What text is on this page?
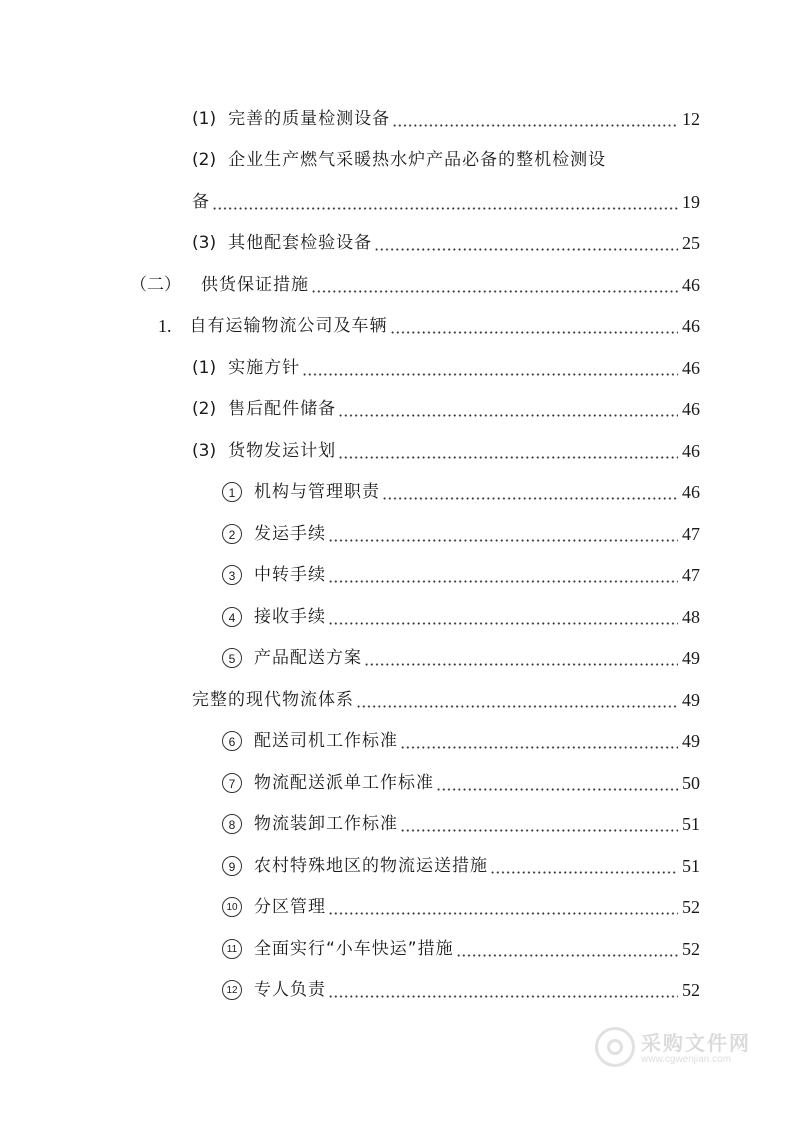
(1) 完善的质量检测设备	12
(2) 企业生产燃气采暖热水炉产品必备的整机检测设
备	19
(3) 其他配套检验设备	25
（二） 供货保证措施	46
1. 自有运输物流公司及车辆	46
(1) 实施方针	46
(2) 售后配件储备	46
(3) 货物发运计划	46
1	机构与管理职责	46
2	发运手续	47
3	中转手续	47
4	接收手续	48
5	产品配送方案	49
完整的现代物流体系	49
6	配送司机工作标准	49
7	物流配送派单工作标准	50
8	物流装卸工作标准	51
9	农村特殊地区的物流运送措施	51
10 分区管理	52
11 全面实行“小车快运”措施	52
12 专人负责	52
采购文件网
www.cgwenjian.com
